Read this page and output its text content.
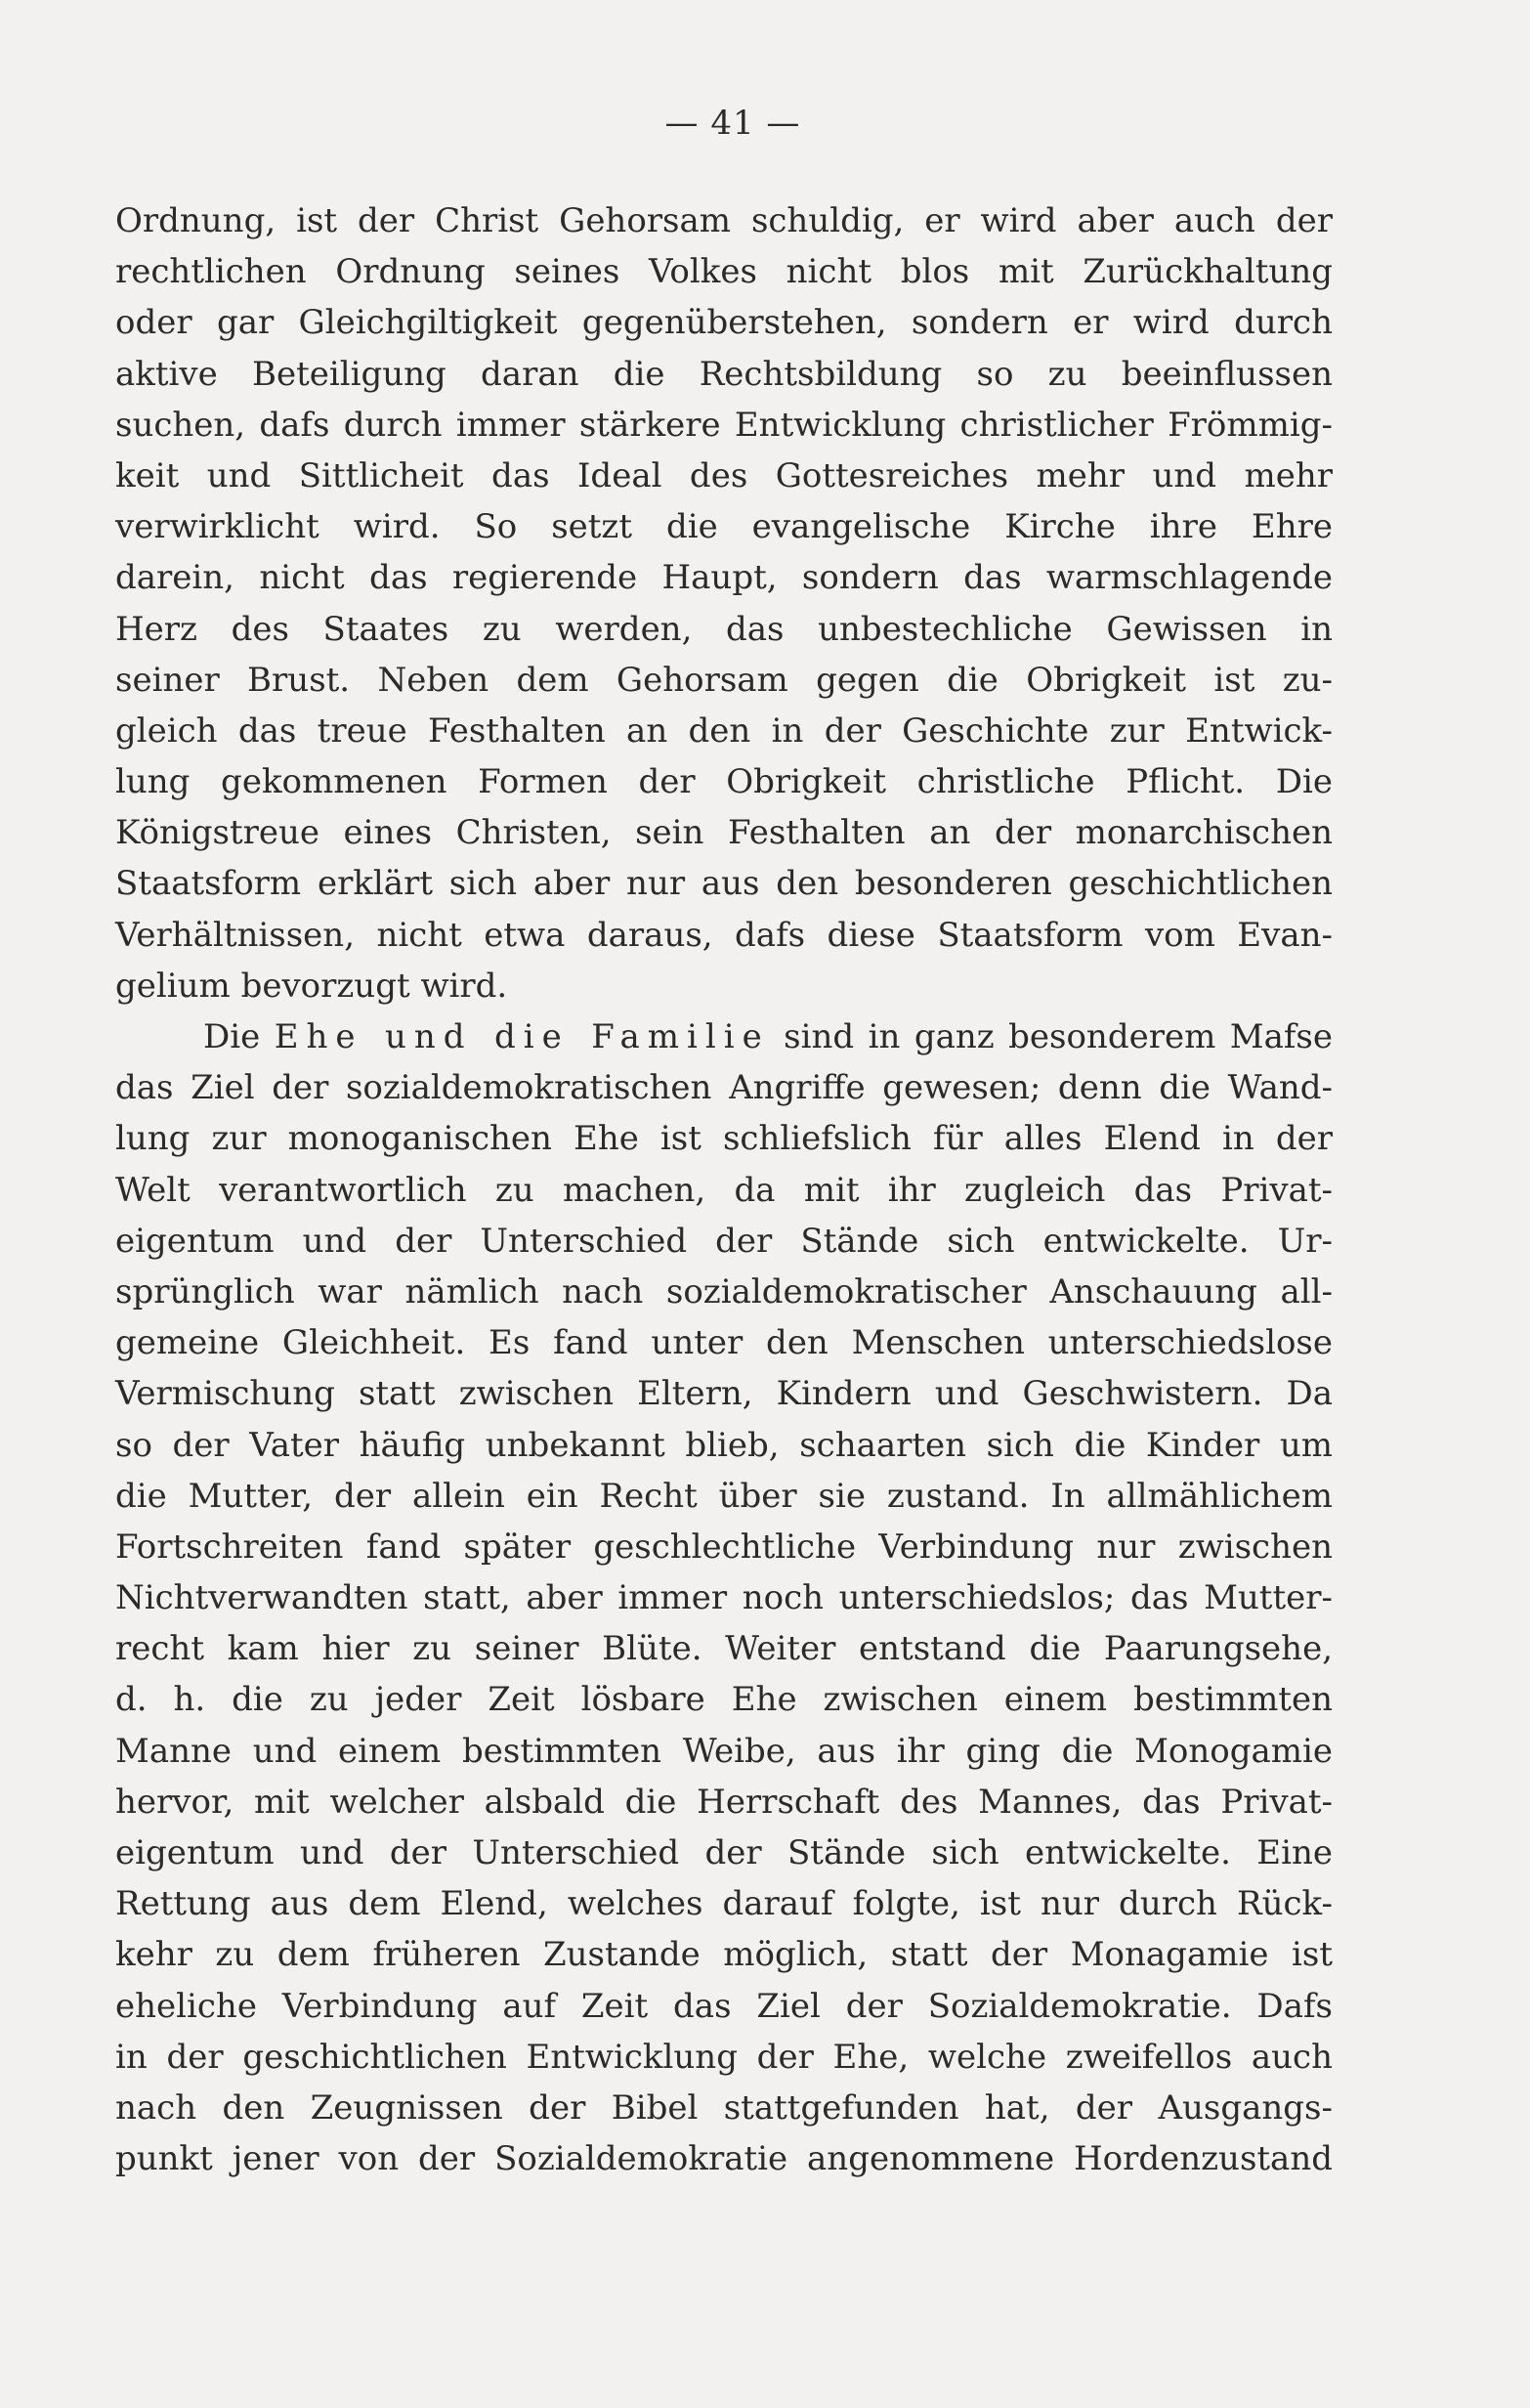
— 41 —
Ordnung, ist der Christ Gehorsam schuldig, er wird aber auch der
rechtlichen Ordnung seines Volkes nicht blos mit Zurückhaltung
oder gar Gleichgiltigkeit gegenüberstehen, sondern er wird durch
aktive Beteiligung daran die Rechtsbildung so zu beeinflussen
suchen, dafs durch immer stärkere Entwicklung christlicher Frömmig-
keit und Sittlicheit das Ideal des Gottesreiches mehr und mehr
verwirklicht wird. So setzt die evangelische Kirche ihre Ehre
darein, nicht das regierende Haupt, sondern das warmschlagende
Herz des Staates zu werden, das unbestechliche Gewissen in
seiner Brust. Neben dem Gehorsam gegen die Obrigkeit ist zu-
gleich das treue Festhalten an den in der Geschichte zur Entwick-
lung gekommenen Formen der Obrigkeit christliche Pflicht. Die
Königstreue eines Christen, sein Festhalten an der monarchischen
Staatsform erklärt sich aber nur aus den besonderen geschichtlichen
Verhältnissen, nicht etwa daraus, dafs diese Staatsform vom Evan-
gelium bevorzugt wird.
Die Ehe und die Familie sind in ganz besonderem Mafse
das Ziel der sozialdemokratischen Angriffe gewesen; denn die Wand-
lung zur monoganischen Ehe ist schliefslich für alles Elend in der
Welt verantwortlich zu machen, da mit ihr zugleich das Privat-
eigentum und der Unterschied der Stände sich entwickelte. Ur-
sprünglich war nämlich nach sozialdemokratischer Anschauung all-
gemeine Gleichheit. Es fand unter den Menschen unterschiedslose
Vermischung statt zwischen Eltern, Kindern und Geschwistern. Da
so der Vater häufig unbekannt blieb, schaarten sich die Kinder um
die Mutter, der allein ein Recht über sie zustand. In allmählichem
Fortschreiten fand später geschlechtliche Verbindung nur zwischen
Nichtverwandten statt, aber immer noch unterschiedslos; das Mutter-
recht kam hier zu seiner Blüte. Weiter entstand die Paarungsehe,
d. h. die zu jeder Zeit lösbare Ehe zwischen einem bestimmten
Manne und einem bestimmten Weibe, aus ihr ging die Monogamie
hervor, mit welcher alsbald die Herrschaft des Mannes, das Privat-
eigentum und der Unterschied der Stände sich entwickelte. Eine
Rettung aus dem Elend, welches darauf folgte, ist nur durch Rück-
kehr zu dem früheren Zustande möglich, statt der Monagamie ist
eheliche Verbindung auf Zeit das Ziel der Sozialdemokratie. Dafs
in der geschichtlichen Entwicklung der Ehe, welche zweifellos auch
nach den Zeugnissen der Bibel stattgefunden hat, der Ausgangs-
punkt jener von der Sozialdemokratie angenommene Hordenzustand
